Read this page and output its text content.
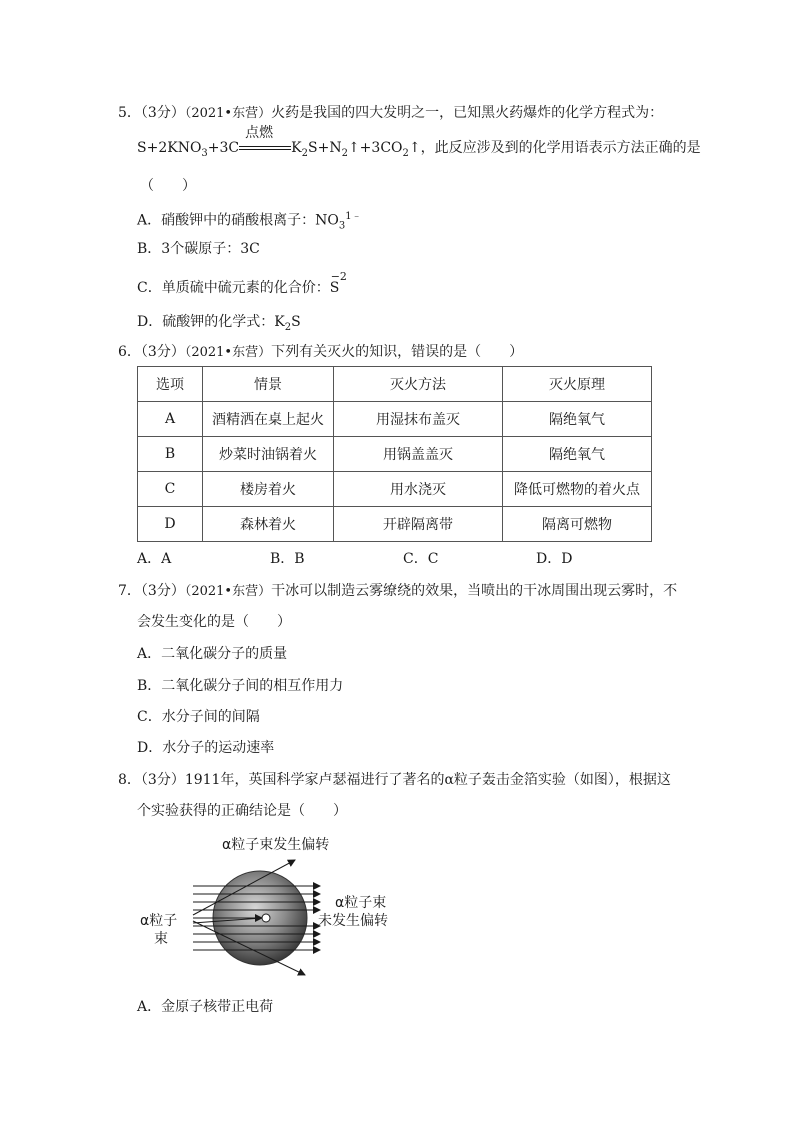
5．（3分）（2021•东营）火药是我国的四大发明之一，已知黑火药爆炸的化学方程式为：
$S+2KNO_3+3C$
点燃
$K_2S+N_2↑+3CO_2↑$，此反应涉及到的化学用语表示方法正确的是
（　　）
A．硝酸钾中的硝酸根离子：$NO_3^{1﹣}$
B．3个碳原子：3C
C．单质硫中硫元素的化合价：
−2
S
D．硫酸钾的化学式：$K_2S$
6．（3分）（2021•东营）下列有关灭火的知识，错误的是（　　）
选项	情景	灭火方法	灭火原理
A	酒精洒在桌上起火	用湿抹布盖灭	隔绝氧气
B	炒菜时油锅着火	用锅盖盖灭	隔绝氧气
C	楼房着火	用水浇灭	降低可燃物的着火点
D	森林着火	开辟隔离带	隔离可燃物
A．A	B．B	C．C	D．D
7．（3分）（2021•东营）干冰可以制造云雾缭绕的效果，当喷出的干冰周围出现云雾时，不
会发生变化的是（　　）
A．二氧化碳分子的质量
B．二氧化碳分子间的相互作用力
C．水分子间的间隔
D．水分子的运动速率
8．（3分）1911年，英国科学家卢瑟福进行了著名的α粒子轰击金箔实验（如图），根据这
个实验获得的正确结论是（　　）
α粒子束发生偏转
α粒子束
未发生偏转
α粒子
束
A．金原子核带正电荷
